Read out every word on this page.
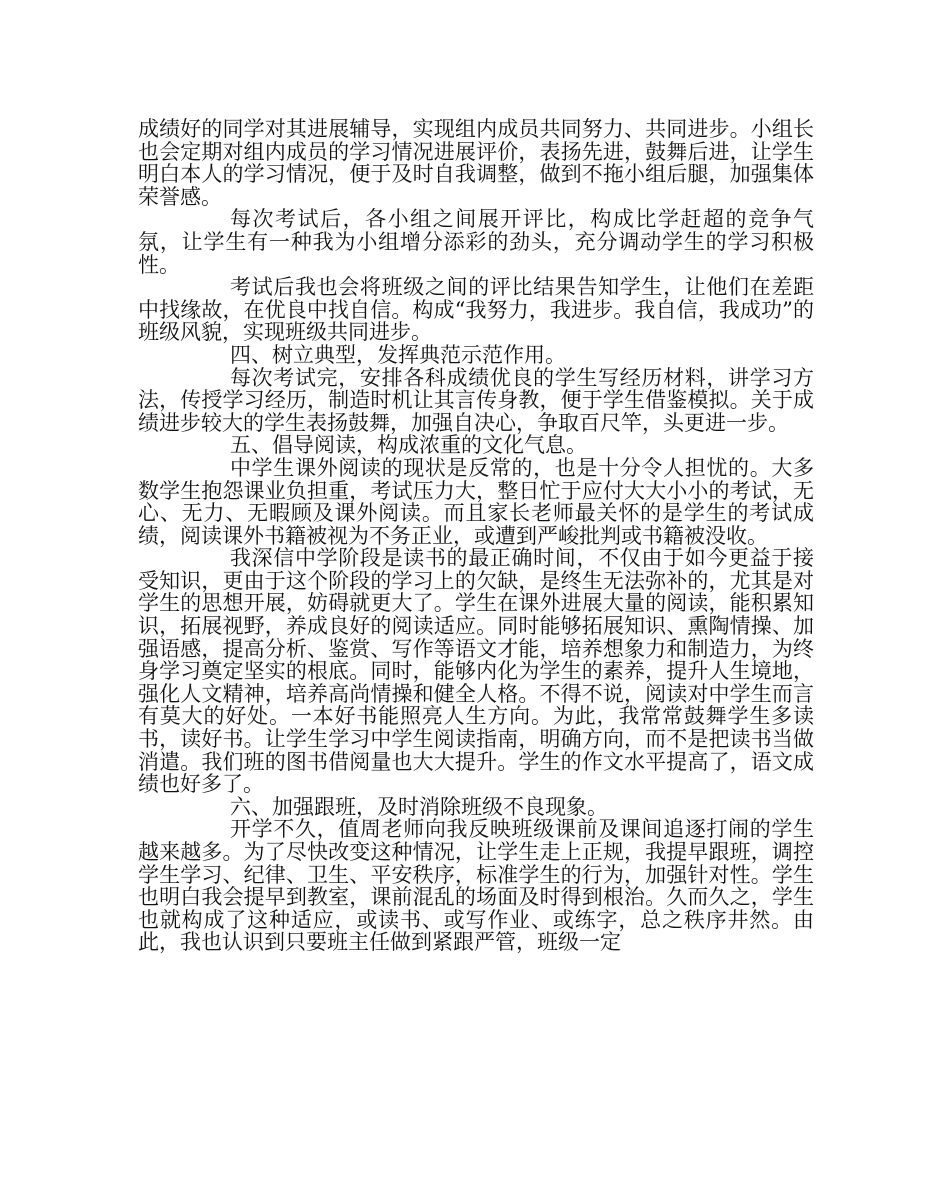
成绩好的同学对其进展辅导，实现组内成员共同努力、共同进步。小组长也会定期对组内成员的学习情况进展评价，表扬先进，鼓舞后进，让学生明白本人的学习情况，便于及时自我调整，做到不拖小组后腿，加强集体荣誉感。

每次考试后，各小组之间展开评比，构成比学赶超的竞争气氛，让学生有一种我为小组增分添彩的劲头，充分调动学生的学习积极性。

考试后我也会将班级之间的评比结果告知学生，让他们在差距中找缘故，在优良中找自信。构成“我努力，我进步。我自信，我成功”的班级风貌，实现班级共同进步。

四、树立典型，发挥典范示范作用。

每次考试完，安排各科成绩优良的学生写经历材料，讲学习方法，传授学习经历，制造时机让其言传身教，便于学生借鉴模拟。关于成绩进步较大的学生表扬鼓舞，加强自决心，争取百尺竿，头更进一步。

五、倡导阅读，构成浓重的文化气息。

中学生课外阅读的现状是反常的，也是十分令人担忧的。大多数学生抱怨课业负担重，考试压力大，整日忙于应付大大小小的考试，无心、无力、无暇顾及课外阅读。而且家长老师最关怀的是学生的考试成绩，阅读课外书籍被视为不务正业，或遭到严峻批判或书籍被没收。

我深信中学阶段是读书的最正确时间，不仅由于如今更益于接受知识，更由于这个阶段的学习上的欠缺，是终生无法弥补的，尤其是对学生的思想开展，妨碍就更大了。学生在课外进展大量的阅读，能积累知识，拓展视野，养成良好的阅读适应。同时能够拓展知识、熏陶情操、加强语感，提高分析、鉴赏、写作等语文才能，培养想象力和制造力，为终身学习奠定坚实的根底。同时，能够内化为学生的素养，提升人生境地，强化人文精神，培养高尚情操和健全人格。不得不说，阅读对中学生而言有莫大的好处。一本好书能照亮人生方向。为此，我常常鼓舞学生多读书，读好书。让学生学习中学生阅读指南，明确方向，而不是把读书当做消遣。我们班的图书借阅量也大大提升。学生的作文水平提高了，语文成绩也好多了。

六、加强跟班，及时消除班级不良现象。

开学不久，值周老师向我反映班级课前及课间追逐打闹的学生越来越多。为了尽快改变这种情况，让学生走上正规，我提早跟班，调控学生学习、纪律、卫生、平安秩序，标准学生的行为，加强针对性。学生也明白我会提早到教室，课前混乱的场面及时得到根治。久而久之，学生也就构成了这种适应，或读书、或写作业、或练字，总之秩序井然。由此，我也认识到只要班主任做到紧跟严管，班级一定
